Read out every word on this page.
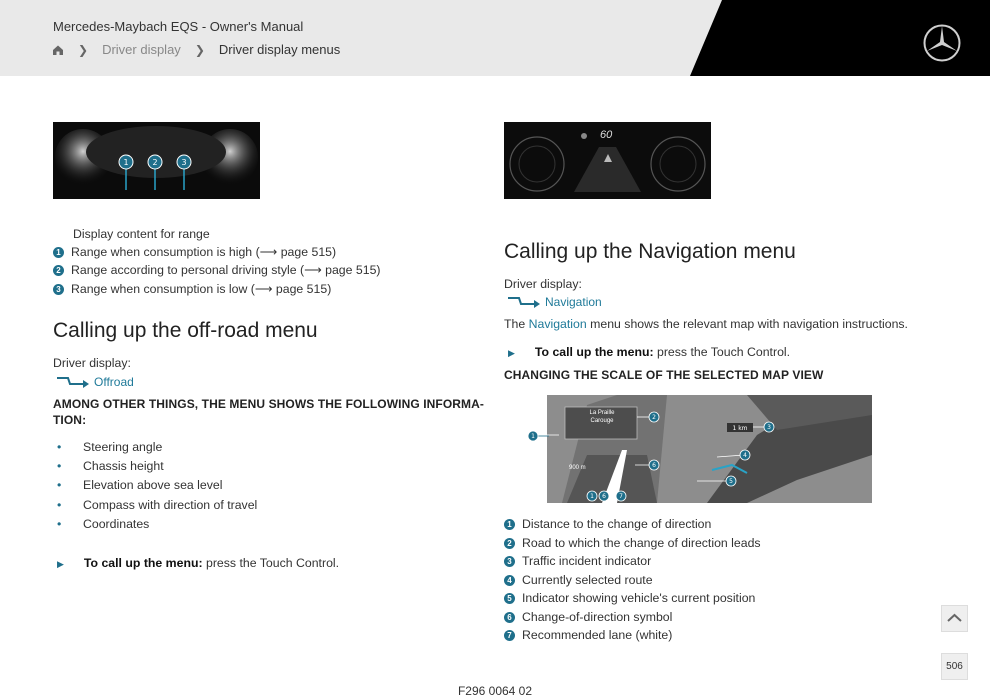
Mercedes-Maybach EQS - Owner's Manual
❯ Driver display ❯ Driver display menus
1	2	3
Display content for range
1 Range when consumption is high (⟶ page 515)
2 Range according to personal driving style (⟶ page 515)
3 Range when consumption is low (⟶ page 515)
Calling up the off-road menu
Driver display:
Offroad
AMONG OTHER THINGS, THE MENU SHOWS THE FOLLOWING INFORMA-
TION:
• Steering angle
• Chassis height
• Elevation above sea level
• Compass with direction of travel
• Coordinates
▶ To call up the menu: press the Touch Control.
60
Calling up the Navigation menu
Driver display:
Navigation
The Navigation menu shows the relevant map with navigation instructions.
▶ To call up the menu: press the Touch Control.
CHANGING THE SCALE OF THE SELECTED MAP VIEW
1 km
2
3
4
5
6
1 6 7
La Praille
Carouge
900 m
1
1 Distance to the change of direction
2 Road to which the change of direction leads
3 Traffic incident indicator
4 Currently selected route
5 Indicator showing vehicle's current position
6 Change-of-direction symbol
7 Recommended lane (white)
506
F296 0064 02
